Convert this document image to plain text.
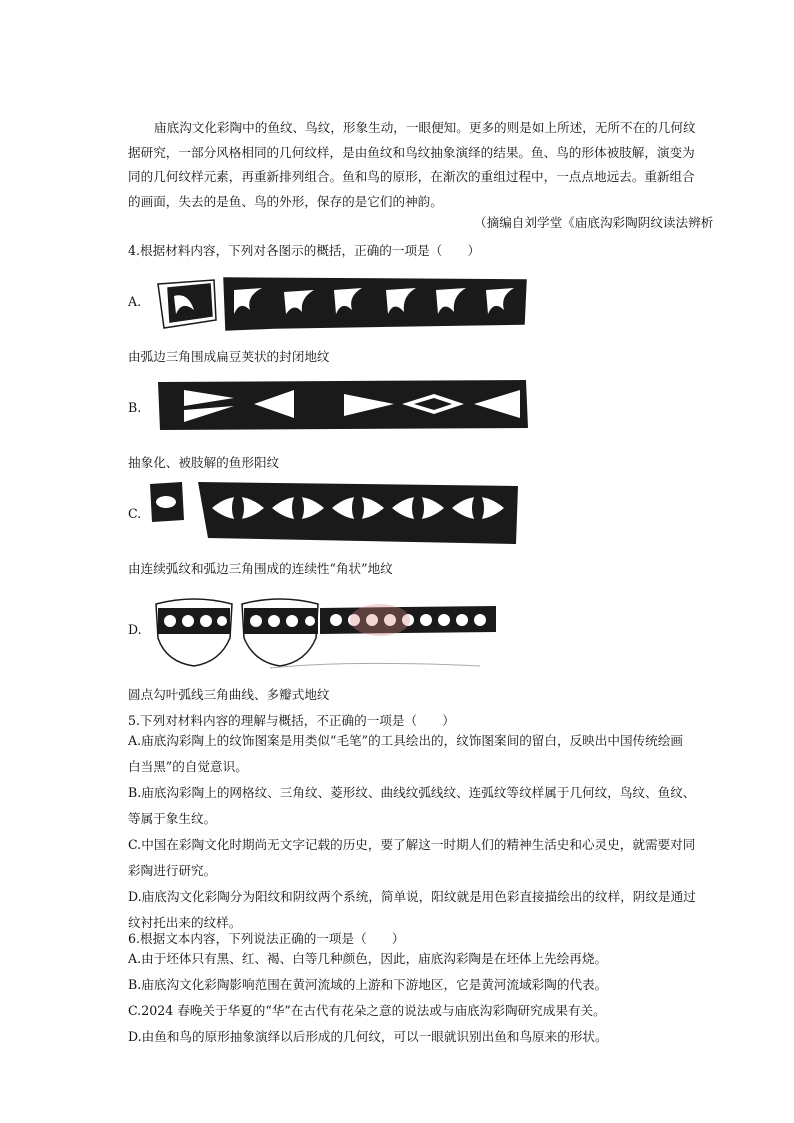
庙底沟文化彩陶中的鱼纹、鸟纹，形象生动，一眼便知。更多的则是如上所述，无所不在的几何纹
据研究，一部分风格相同的几何纹样，是由鱼纹和鸟纹抽象演绎的结果。鱼、鸟的形体被肢解，演变为
同的几何纹样元素，再重新排列组合。鱼和鸟的原形，在渐次的重组过程中，一点点地远去。重新组合
的画面，失去的是鱼、鸟的外形，保存的是它们的神韵。
（摘编自刘学堂《庙底沟彩陶阴纹读法辨析
4.根据材料内容，下列对各图示的概括，正确的一项是（　　）
A.
由弧边三角围成扁豆荚状的封闭地纹
B.
抽象化、被肢解的鱼形阳纹
C.
由连续弧纹和弧边三角围成的连续性“角状”地纹
D.
圆点勾叶弧线三角曲线、多瓣式地纹
5.下列对材料内容的理解与概括，不正确的一项是（　　）
A.庙底沟彩陶上的纹饰图案是用类似“毛笔”的工具绘出的，纹饰图案间的留白，反映出中国传统绘画
白当黑”的自觉意识。
B.庙底沟彩陶上的网格纹、三角纹、菱形纹、曲线纹弧线纹、连弧纹等纹样属于几何纹，鸟纹、鱼纹、
等属于象生纹。
C.中国在彩陶文化时期尚无文字记载的历史，要了解这一时期人们的精神生活史和心灵史，就需要对同
彩陶进行研究。
D.庙底沟文化彩陶分为阳纹和阴纹两个系统，简单说，阳纹就是用色彩直接描绘出的纹样，阴纹是通过
纹衬托出来的纹样。
6.根据文本内容，下列说法正确的一项是（　　）
A.由于坯体只有黑、红、褐、白等几种颜色，因此，庙底沟彩陶是在坯体上先绘再烧。
B.庙底沟文化彩陶影响范围在黄河流域的上游和下游地区，它是黄河流域彩陶的代表。
C.2024 春晚关于华夏的“华”在古代有花朵之意的说法或与庙底沟彩陶研究成果有关。
D.由鱼和鸟的原形抽象演绎以后形成的几何纹，可以一眼就识别出鱼和鸟原来的形状。
